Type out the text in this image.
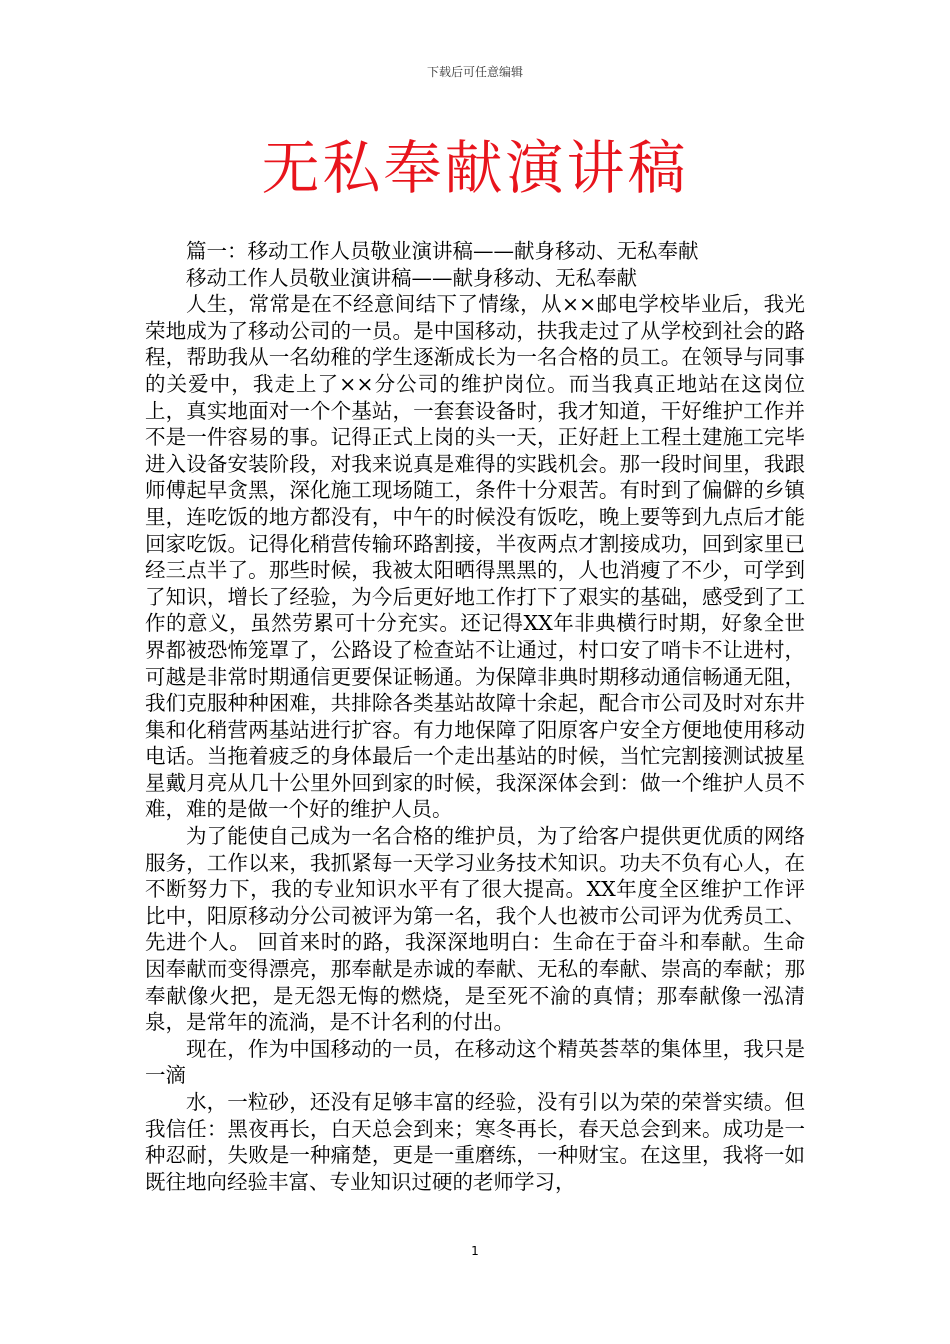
下载后可任意编辑
无私奉献演讲稿

篇一：移动工作人员敬业演讲稿——献身移动、无私奉献

移动工作人员敬业演讲稿——献身移动、无私奉献

人生，常常是在不经意间结下了情缘，从××邮电学校毕业后，我光荣地成为了移动公司的一员。是中国移动，扶我走过了从学校到社会的路程，帮助我从一名幼稚的学生逐渐成长为一名合格的员工。在领导与同事的关爱中，我走上了××分公司的维护岗位。而当我真正地站在这岗位上，真实地面对一个个基站，一套套设备时，我才知道，干好维护工作并不是一件容易的事。记得正式上岗的头一天，正好赶上工程土建施工完毕进入设备安装阶段，对我来说真是难得的实践机会。那一段时间里，我跟师傅起早贪黑，深化施工现场随工，条件十分艰苦。有时到了偏僻的乡镇里，连吃饭的地方都没有，中午的时候没有饭吃，晚上要等到九点后才能回家吃饭。记得化稍营传输环路割接，半夜两点才割接成功，回到家里已经三点半了。那些时候，我被太阳晒得黑黑的，人也消瘦了不少，可学到了知识，增长了经验，为今后更好地工作打下了艰实的基础，感受到了工作的意义，虽然劳累可十分充实。还记得XX年非典横行时期，好象全世界都被恐怖笼罩了，公路设了检查站不让通过，村口安了哨卡不让进村，可越是非常时期通信更要保证畅通。为保障非典时期移动通信畅通无阻，我们克服种种困难，共排除各类基站故障十余起，配合市公司及时对东井集和化稍营两基站进行扩容。有力地保障了阳原客户安全方便地使用移动电话。当拖着疲乏的身体最后一个走出基站的时候，当忙完割接测试披星星戴月亮从几十公里外回到家的时候，我深深体会到：做一个维护人员不难，难的是做一个好的维护人员。

为了能使自己成为一名合格的维护员，为了给客户提供更优质的网络服务，工作以来，我抓紧每一天学习业务技术知识。功夫不负有心人，在不断努力下，我的专业知识水平有了很大提高。XX年度全区维护工作评比中，阳原移动分公司被评为第一名，我个人也被市公司评为优秀员工、先进个人。 回首来时的路，我深深地明白：生命在于奋斗和奉献。生命因奉献而变得漂亮，那奉献是赤诚的奉献、无私的奉献、崇高的奉献；那奉献像火把，是无怨无悔的燃烧，是至死不渝的真情；那奉献像一泓清泉，是常年的流淌，是不计名利的付出。

现在，作为中国移动的一员，在移动这个精英荟萃的集体里，我只是一滴

水，一粒砂，还没有足够丰富的经验，没有引以为荣的荣誉实绩。但我信任：黑夜再长，白天总会到来；寒冬再长，春天总会到来。成功是一种忍耐，失败是一种痛楚，更是一重磨练，一种财宝。在这里，我将一如既往地向经验丰富、专业知识过硬的老师学习，

1
